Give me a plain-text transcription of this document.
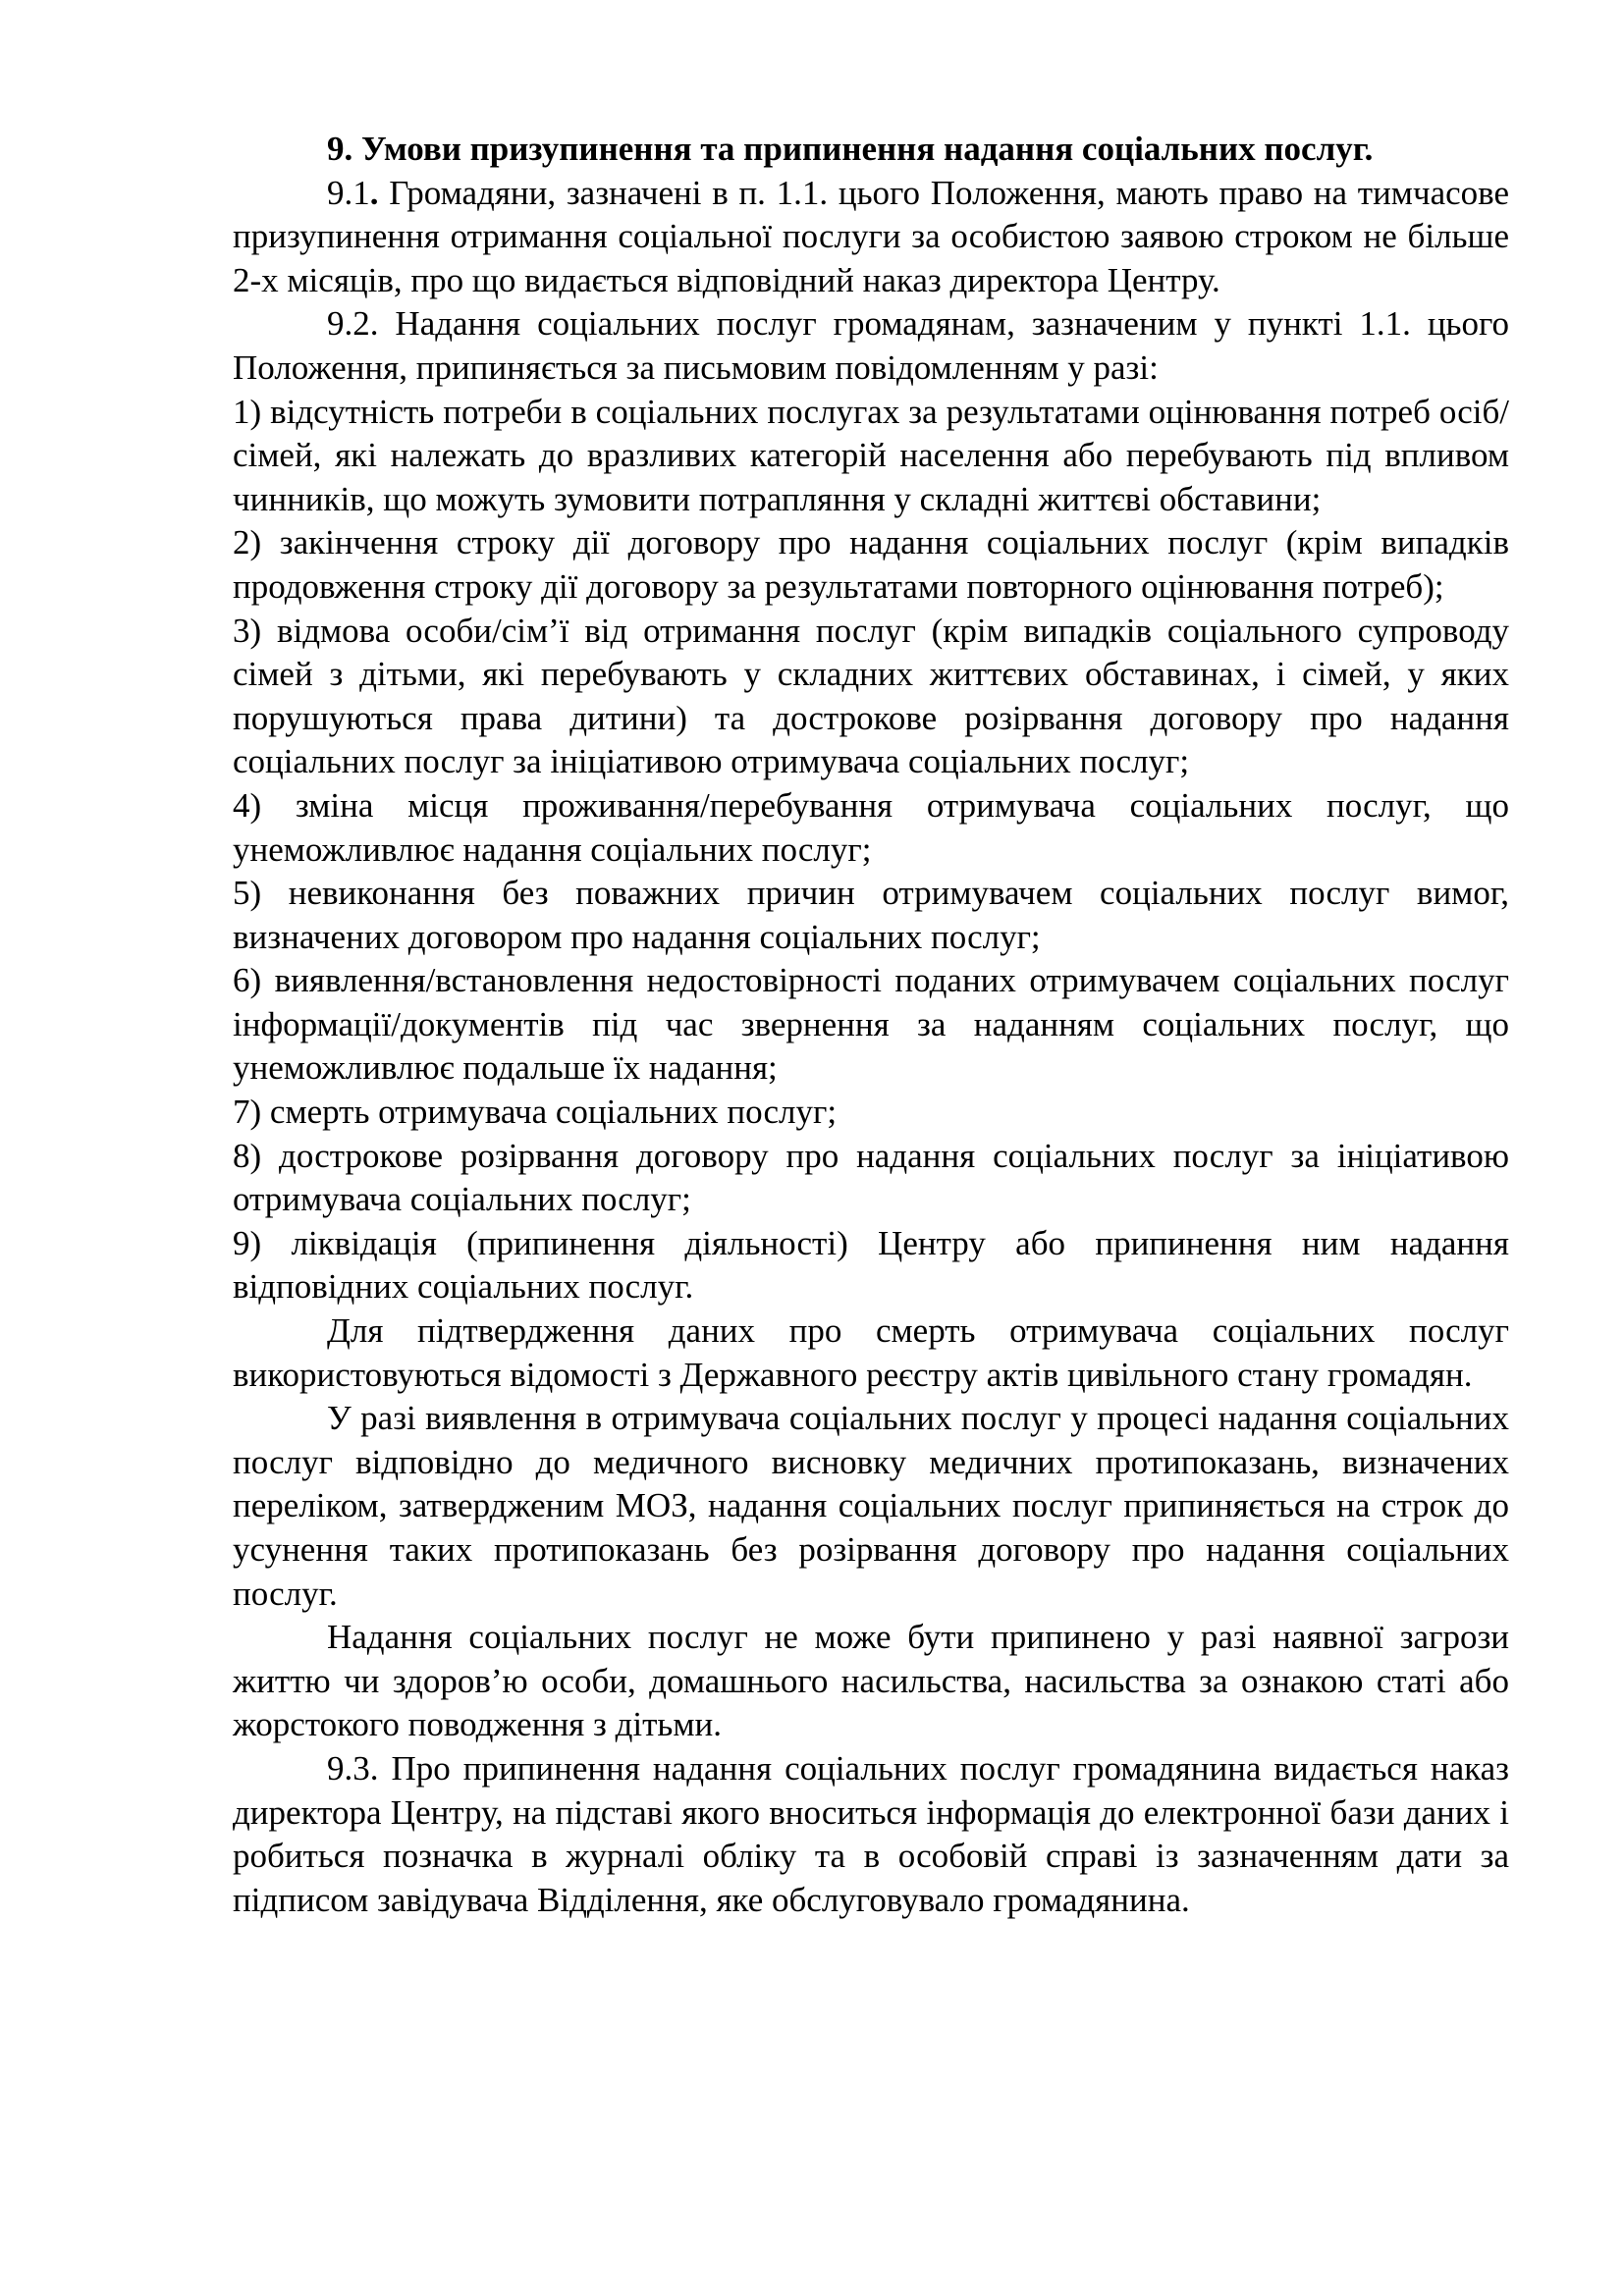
9. Умови призупинення та припинення надання соціальних послуг.

9.1. Громадяни, зазначені в п. 1.1. цього Положення, мають право на тимчасове призупинення отримання соціальної послуги за особистою заявою строком не більше 2-х місяців, про що видається відповідний наказ директора Центру.

9.2. Надання соціальних послуг громадянам, зазначеним у пункті 1.1. цього Положення, припиняється за письмовим повідомленням у разі:

1) відсутність потреби в соціальних послугах за результатами оцінювання потреб осіб/сімей, які належать до вразливих категорій населення або перебувають під впливом чинників, що можуть зумовити потрапляння у складні життєві обставини;

2) закінчення строку дії договору про надання соціальних послуг (крім випадків продовження строку дії договору за результатами повторного оцінювання потреб);

3) відмова особи/сім’ї від отримання послуг (крім випадків соціального супроводу сімей з дітьми, які перебувають у складних життєвих обставинах, і сімей, у яких порушуються права дитини) та дострокове розірвання договору про надання соціальних послуг за ініціативою отримувача соціальних послуг;

4) зміна місця проживання/перебування отримувача соціальних послуг, що унеможливлює надання соціальних послуг;

5) невиконання без поважних причин отримувачем соціальних послуг вимог, визначених договором про надання соціальних послуг;

6) виявлення/встановлення недостовірності поданих отримувачем соціальних послуг інформації/документів під час звернення за наданням соціальних послуг, що унеможливлює подальше їх надання;

7) смерть отримувача соціальних послуг;

8) дострокове розірвання договору про надання соціальних послуг за ініціативою отримувача соціальних послуг;

9) ліквідація (припинення діяльності) Центру або припинення ним надання відповідних соціальних послуг.

Для підтвердження даних про смерть отримувача соціальних послуг використовуються відомості з Державного реєстру актів цивільного стану громадян.

У разі виявлення в отримувача соціальних послуг у процесі надання соціальних послуг відповідно до медичного висновку медичних протипоказань, визначених переліком, затвердженим МОЗ, надання соціальних послуг припиняється на строк до усунення таких протипоказань без розірвання договору про надання соціальних послуг.

Надання соціальних послуг не може бути припинено у разі наявної загрози життю чи здоров’ю особи, домашнього насильства, насильства за ознакою статі або жорстокого поводження з дітьми.

9.3. Про припинення надання соціальних послуг громадянина видається наказ директора Центру, на підставі якого вноситься інформація до електронної бази даних і робиться позначка в журналі обліку та в особовій справі із зазначенням дати за підписом завідувача Відділення, яке обслуговувало громадянина.
